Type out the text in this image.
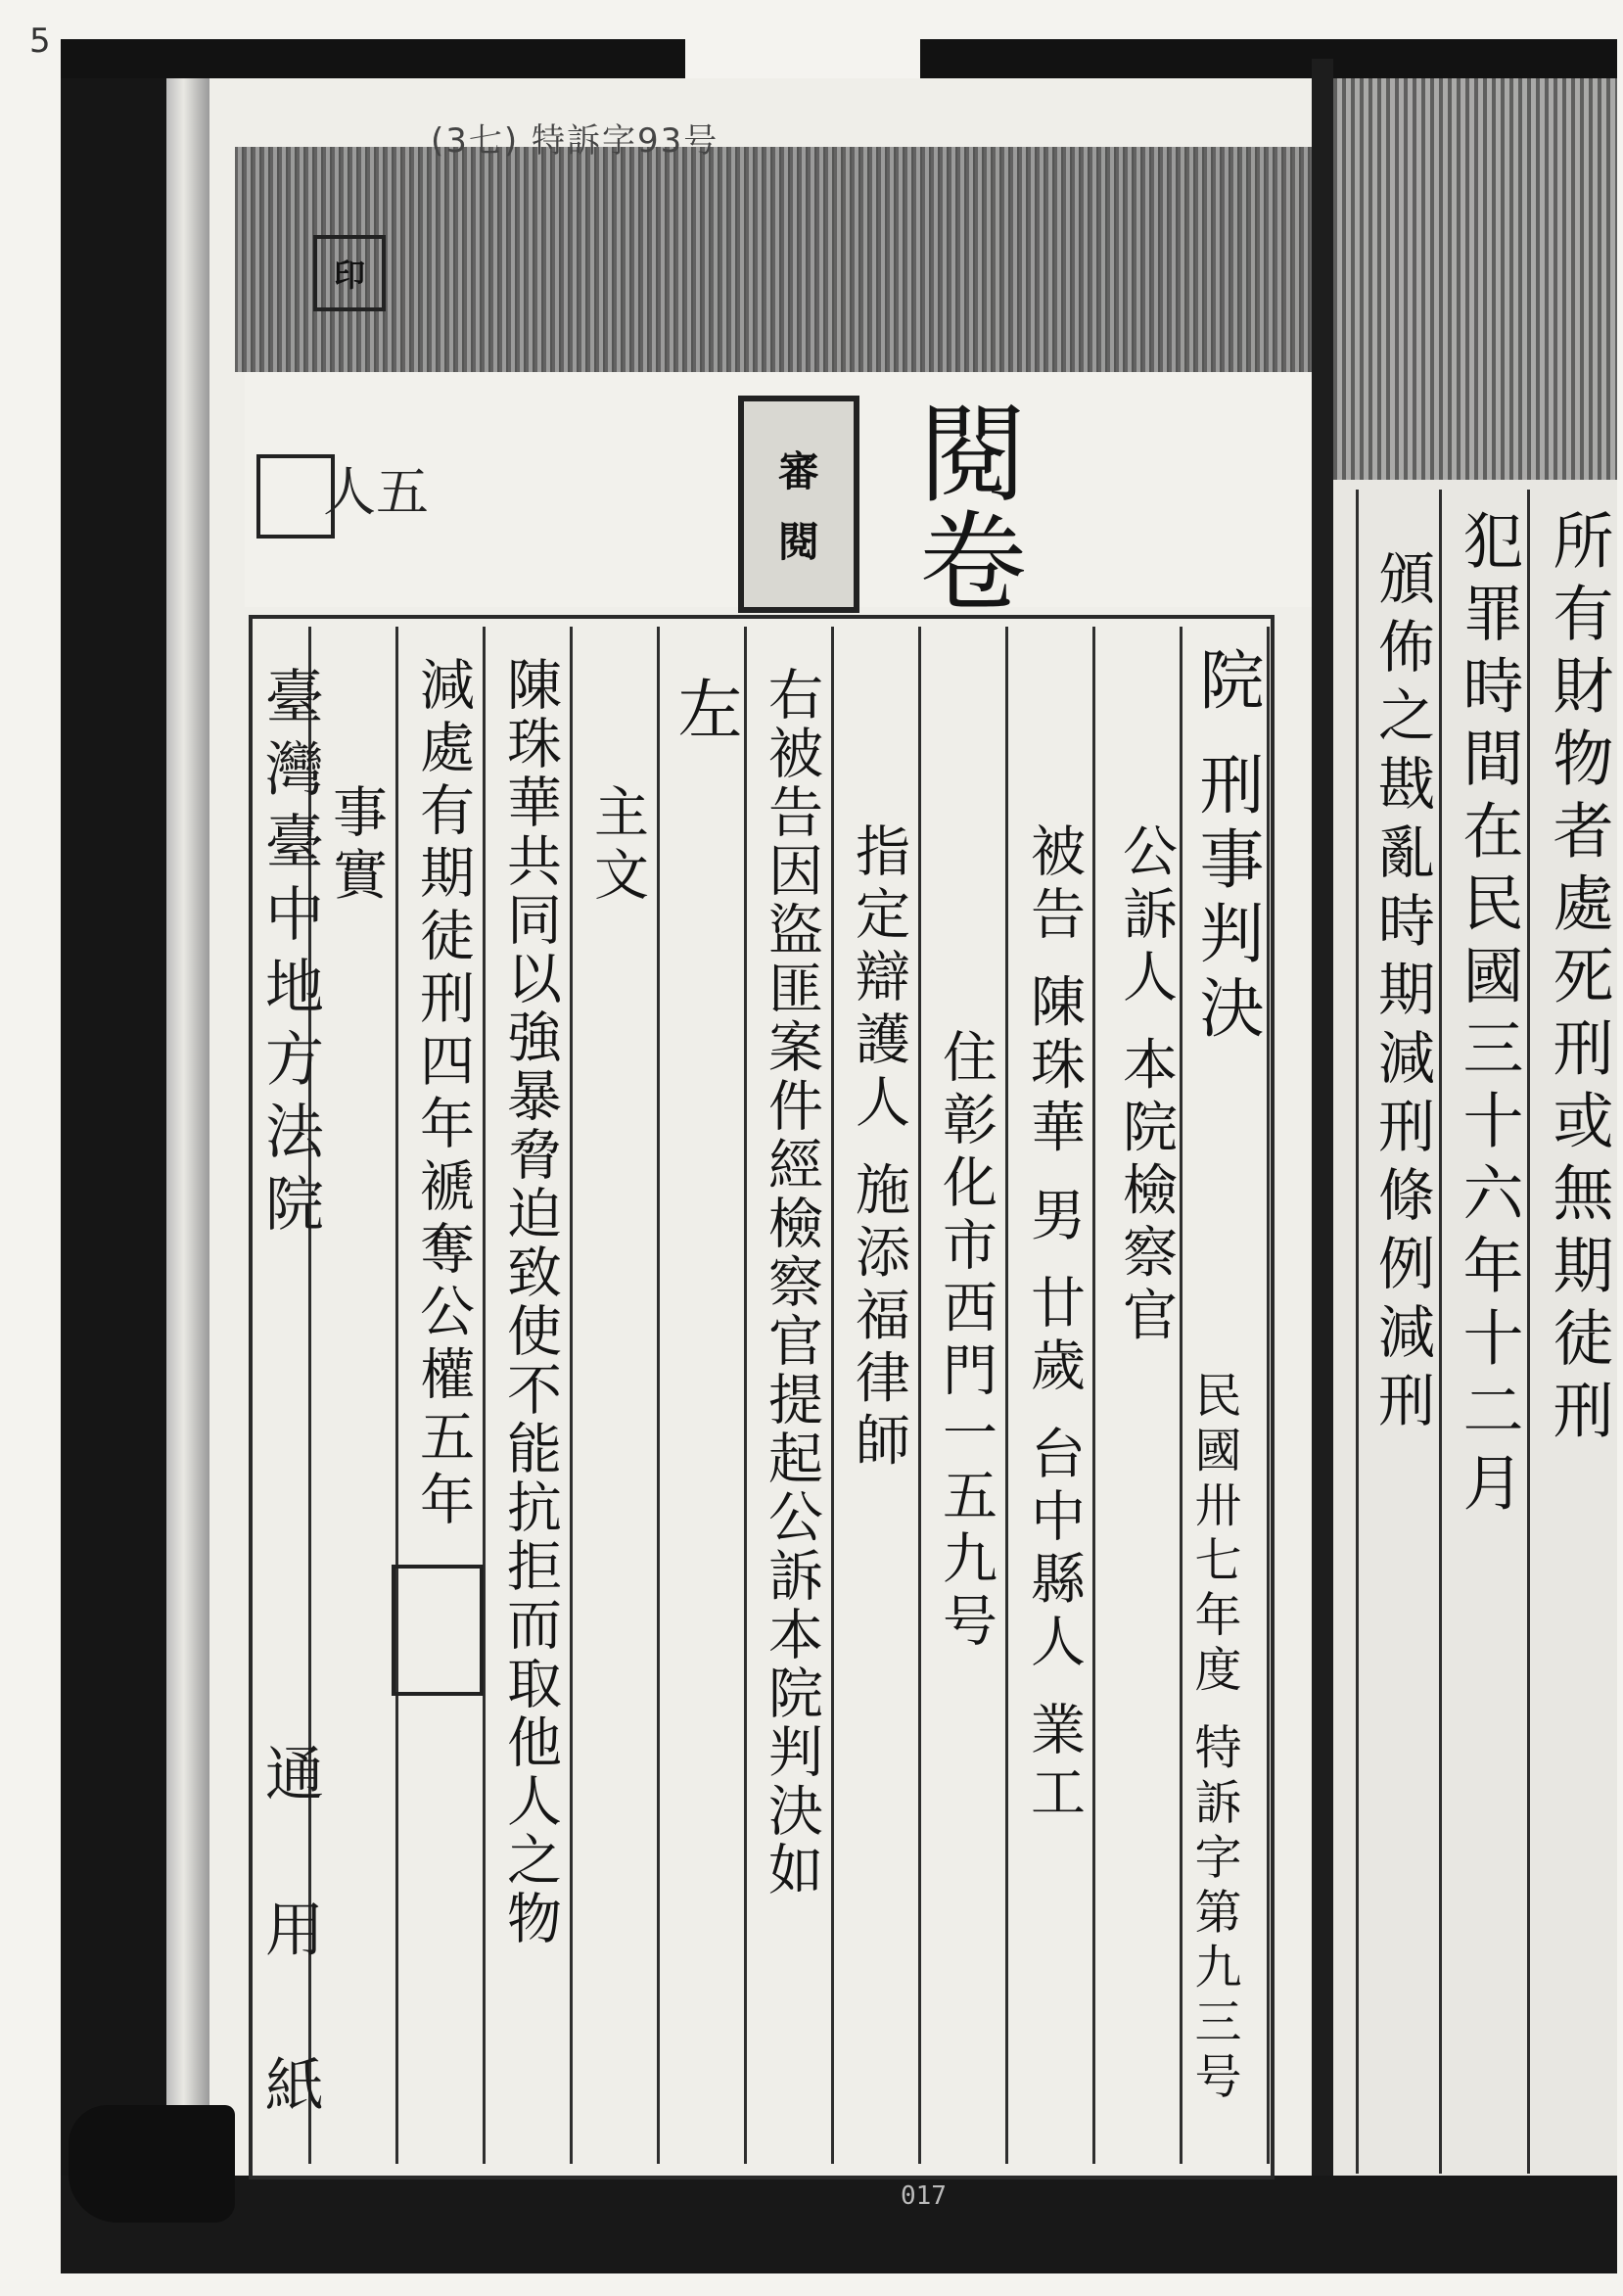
5
(3七) 特訴字93号
印
人五	審
閱 閱卷
院 刑事判決
公訴人 本院檢察官
民國卅七年度 特訴字第九三号
被告 陳珠華 男 廿歲 台中縣人 業工
住彰化市西門一五九号
指定辯護人 施添福律師
右被告因盜匪案件經檢察官提起公訴本院判決如
左
主文
陳珠華共同以強暴脅迫致使不能抗拒而取他人之物
減處有期徒刑四年褫奪公權五年
事實
臺灣臺中地方法院
通 用 紙
所有財物者處死刑或無期徒刑
犯罪時間在民國三十六年十二月
頒佈之戡亂時期減刑條例減刑
017
